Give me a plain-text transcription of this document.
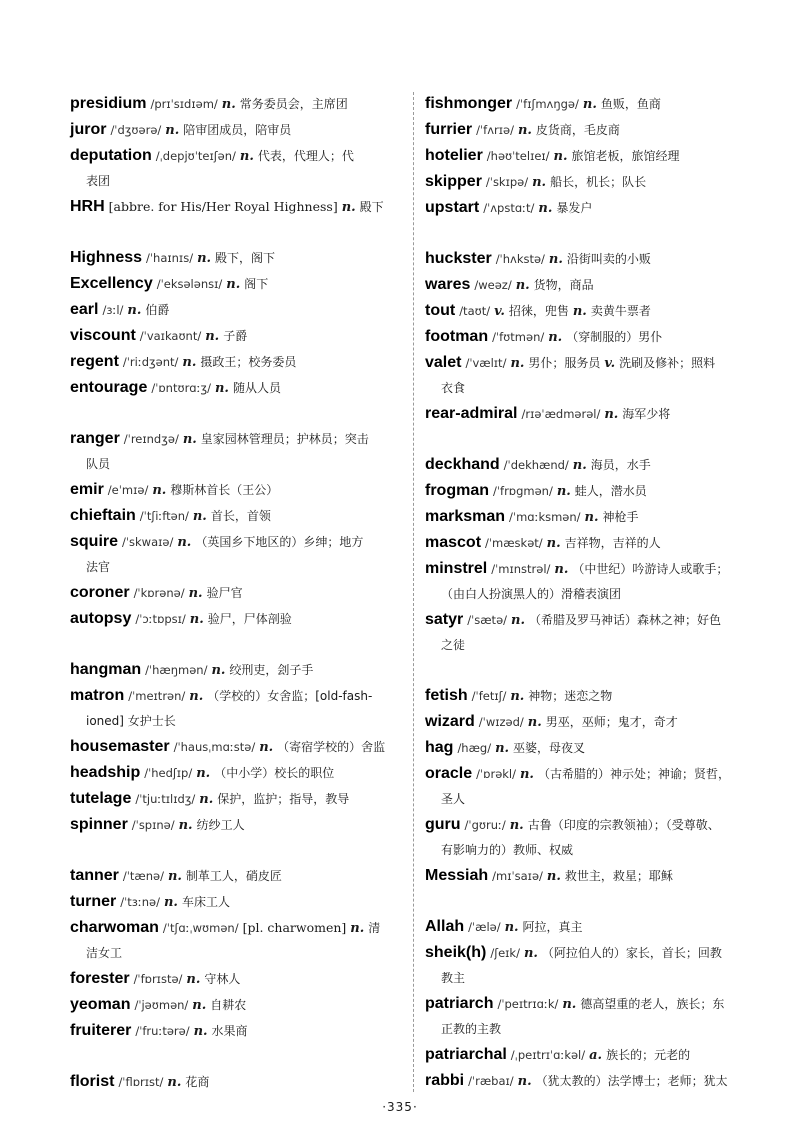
presidium /prɪˈsɪdɪəm/ n. 常务委员会，主席团
juror /ˈdʒʊərə/ n. 陪审团成员，陪审员
deputation /ˌdepjʊˈteɪʃən/ n. 代表，代理人；代
表团
HRH [abbre. for His/Her Royal Highness] n. 殿下
Highness /ˈhaɪnɪs/ n. 殿下，阁下
Excellency /ˈeksələnsɪ/ n. 阁下
earl /ɜːl/ n. 伯爵
viscount /ˈvaɪkaʊnt/ n. 子爵
regent /ˈriːdʒənt/ n. 摄政王；校务委员
entourage /ˈɒntʊrɑːʒ/ n. 随从人员
ranger /ˈreɪndʒə/ n. 皇家园林管理员；护林员；突击
队员
emir /eˈmɪə/ n. 穆斯林首长（王公）
chieftain /ˈtʃiːftən/ n. 首长，首领
squire /ˈskwaɪə/ n. （英国乡下地区的）乡绅；地方
法官
coroner /ˈkɒrənə/ n. 验尸官
autopsy /ˈɔːtɒpsɪ/ n. 验尸，尸体剖验
hangman /ˈhæŋmən/ n. 绞刑吏，刽子手
matron /ˈmeɪtrən/ n. （学校的）女舍监；[old-fash-
ioned] 女护士长
housemaster /ˈhausˌmɑːstə/ n. （寄宿学校的）舍监
headship /ˈhedʃɪp/ n. （中小学）校长的职位
tutelage /ˈtjuːtɪlɪdʒ/ n. 保护，监护；指导，教导
spinner /ˈspɪnə/ n. 纺纱工人
tanner /ˈtænə/ n. 制革工人，硝皮匠
turner /ˈtɜːnə/ n. 车床工人
charwoman /ˈtʃɑːˌwʊmən/ [pl. charwomen] n. 清
洁女工
forester /ˈfɒrɪstə/ n. 守林人
yeoman /ˈjəʊmən/ n. 自耕农
fruiterer /ˈfruːtərə/ n. 水果商
florist /ˈflɒrɪst/ n. 花商
fishmonger /ˈfɪʃmʌŋgə/ n. 鱼贩，鱼商
furrier /ˈfʌrɪə/ n. 皮货商，毛皮商
hotelier /həʊˈtelɪeɪ/ n. 旅馆老板，旅馆经理
skipper /ˈskɪpə/ n. 船长，机长；队长
upstart /ˈʌpstɑːt/ n. 暴发户
huckster /ˈhʌkstə/ n. 沿街叫卖的小贩
wares /weəz/ n. 货物，商品
tout /taʊt/ v. 招徕，兜售 n. 卖黄牛票者
footman /ˈfʊtmən/ n. （穿制服的）男仆
valet /ˈvælɪt/ n. 男仆；服务员 v. 洗刷及修补；照料
衣食
rear-admiral /rɪəˈædmərəl/ n. 海军少将
deckhand /ˈdekhænd/ n. 海员，水手
frogman /ˈfrɒgmən/ n. 蛙人，潜水员
marksman /ˈmɑːksmən/ n. 神枪手
mascot /ˈmæskət/ n. 吉祥物，吉祥的人
minstrel /ˈmɪnstrəl/ n. （中世纪）吟游诗人或歌手；
（由白人扮演黑人的）滑稽表演团
satyr /ˈsætə/ n. （希腊及罗马神话）森林之神；好色
之徒
fetish /ˈfetɪʃ/ n. 神物；迷恋之物
wizard /ˈwɪzəd/ n. 男巫，巫师；鬼才，奇才
hag /hæg/ n. 巫婆，母夜叉
oracle /ˈɒrəkl/ n. （古希腊的）神示处；神谕；贤哲，
圣人
guru /ˈgʊruː/ n. 古鲁（印度的宗教领袖）；（受尊敬、
有影响力的）教师、权威
Messiah /mɪˈsaɪə/ n. 救世主，救星；耶稣
Allah /ˈælə/ n. 阿拉，真主
sheik(h) /ʃeɪk/ n. （阿拉伯人的）家长，首长；回教
教主
patriarch /ˈpeɪtrɪɑːk/ n. 德高望重的老人，族长；东
正教的主教
patriarchal /ˌpeɪtrɪˈɑːkəl/ a. 族长的；元老的
rabbi /ˈræbaɪ/ n. （犹太教的）法学博士；老师；犹太
·335·
